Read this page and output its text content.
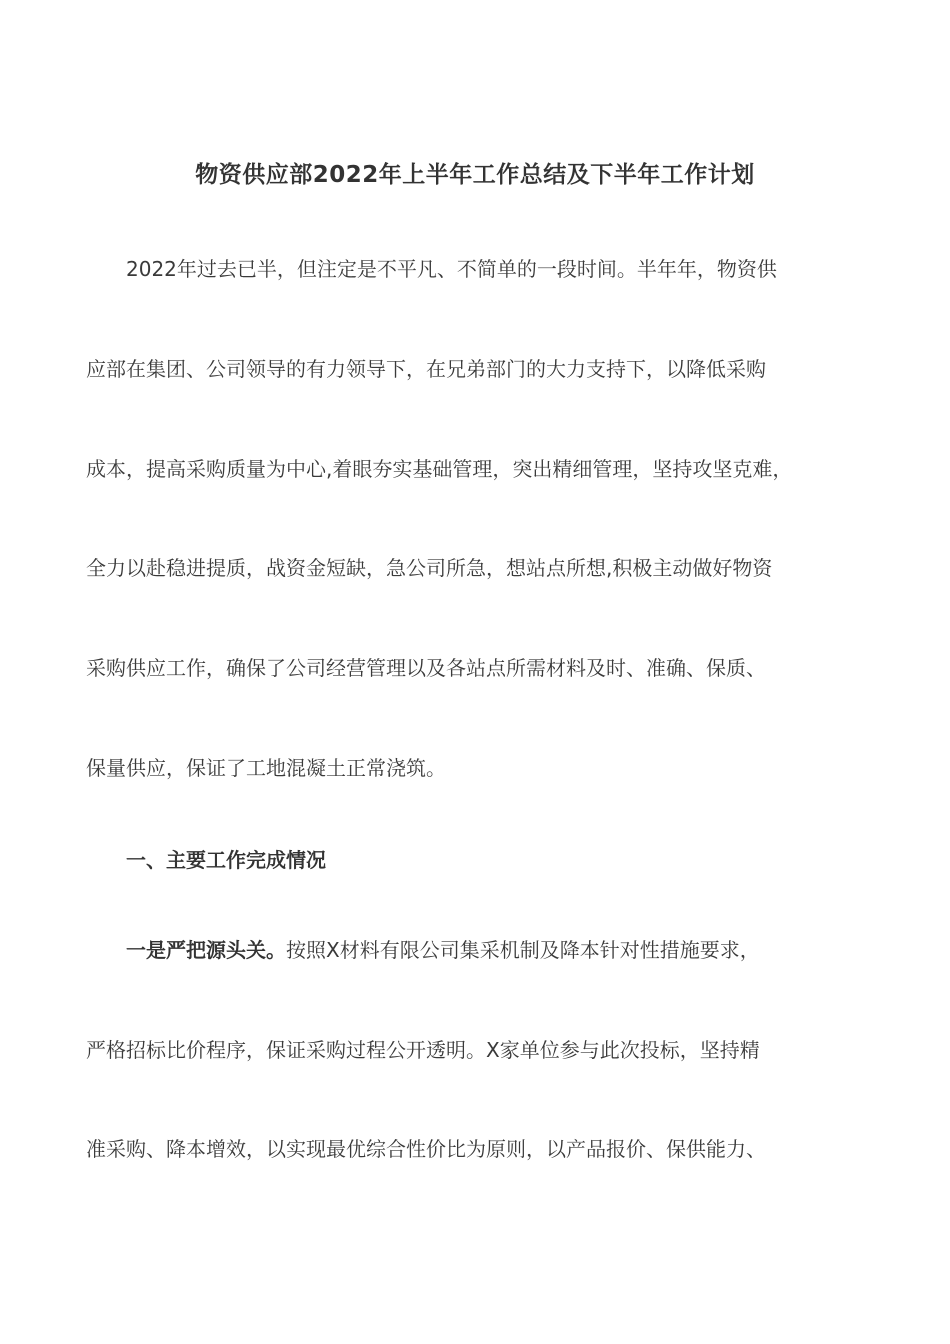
物资供应部2022年上半年工作总结及下半年工作计划
2022年过去已半，但注定是不平凡、不简单的一段时间。半年年，物资供
应部在集团、公司领导的有力领导下，在兄弟部门的大力支持下，以降低采购
成本，提高采购质量为中心,着眼夯实基础管理，突出精细管理，坚持攻坚克难，
全力以赴稳进提质，战资金短缺，急公司所急，想站点所想,积极主动做好物资
采购供应工作，确保了公司经营管理以及各站点所需材料及时、准确、保质、
保量供应，保证了工地混凝土正常浇筑。
一、主要工作完成情况
一是严把源头关。按照X材料有限公司集采机制及降本针对性措施要求，
严格招标比价程序，保证采购过程公开透明。X家单位参与此次投标，坚持精
准采购、降本增效，以实现最优综合性价比为原则，以产品报价、保供能力、
